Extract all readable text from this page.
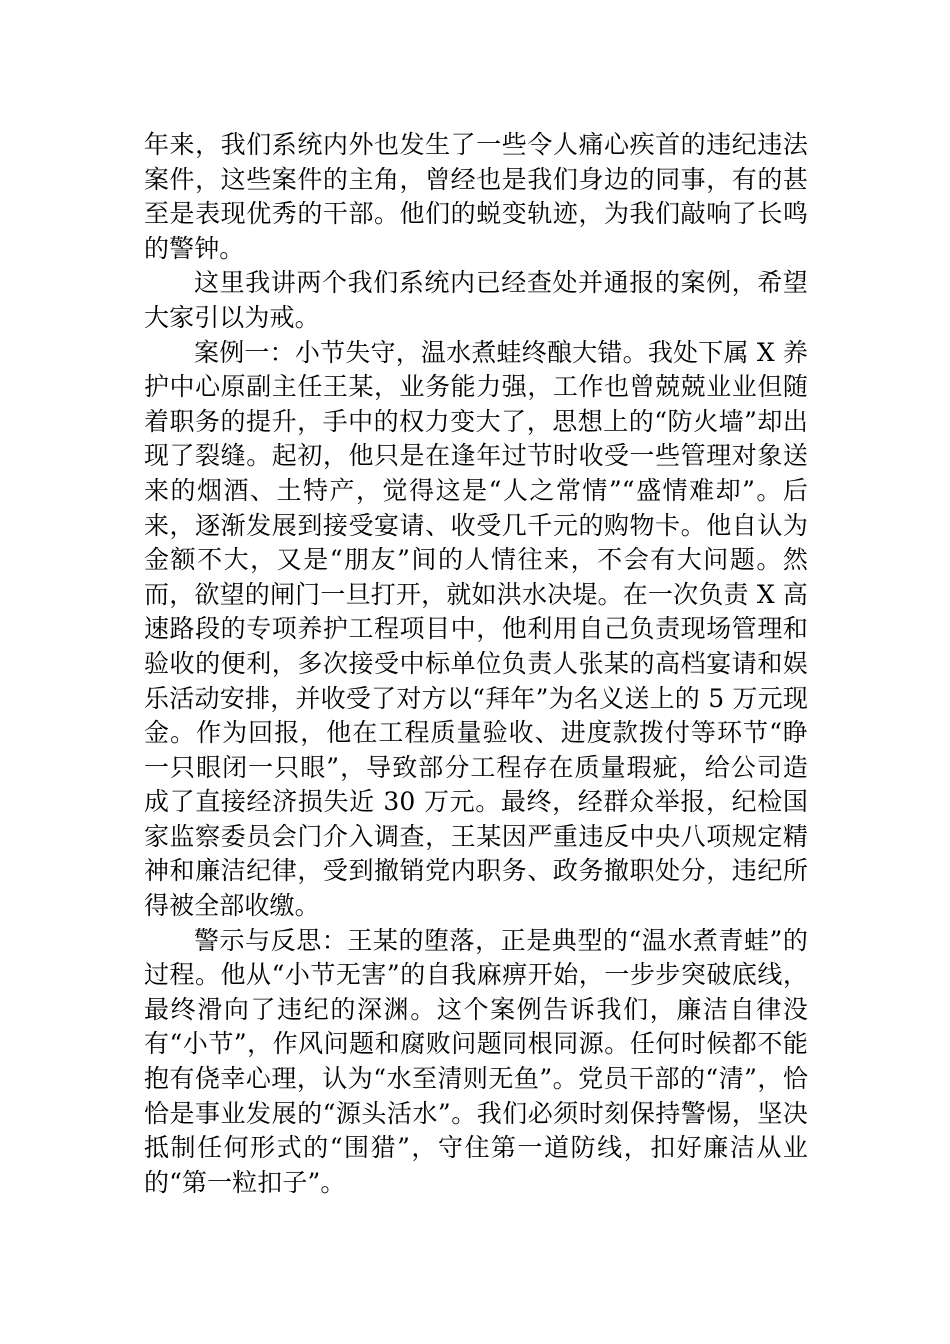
年来，我们系统内外也发生了一些令人痛心疾首的违纪违法案件，这些案件的主角，曾经也是我们身边的同事，有的甚至是表现优秀的干部。他们的蜕变轨迹，为我们敲响了长鸣的警钟。

这里我讲两个我们系统内已经查处并通报的案例，希望大家引以为戒。

案例一：小节失守，温水煮蛙终酿大错。我处下属 X 养护中心原副主任王某，业务能力强，工作也曾兢兢业业但随着职务的提升，手中的权力变大了，思想上的“防火墙”却出现了裂缝。起初，他只是在逢年过节时收受一些管理对象送来的烟酒、土特产，觉得这是“人之常情”“盛情难却”。后来，逐渐发展到接受宴请、收受几千元的购物卡。他自认为金额不大，又是“朋友”间的人情往来，不会有大问题。然而，欲望的闸门一旦打开，就如洪水决堤。在一次负责 X 高速路段的专项养护工程项目中，他利用自己负责现场管理和验收的便利，多次接受中标单位负责人张某的高档宴请和娱乐活动安排，并收受了对方以“拜年”为名义送上的 5 万元现金。作为回报，他在工程质量验收、进度款拨付等环节“睁一只眼闭一只眼”，导致部分工程存在质量瑕疵，给公司造成了直接经济损失近 30 万元。最终，经群众举报，纪检国家监察委员会门介入调查，王某因严重违反中央八项规定精神和廉洁纪律，受到撤销党内职务、政务撤职处分，违纪所得被全部收缴。

警示与反思：王某的堕落，正是典型的“温水煮青蛙”的过程。他从“小节无害”的自我麻痹开始，一步步突破底线，最终滑向了违纪的深渊。这个案例告诉我们，廉洁自律没有“小节”，作风问题和腐败问题同根同源。任何时候都不能抱有侥幸心理，认为“水至清则无鱼”。党员干部的“清”，恰恰是事业发展的“源头活水”。我们必须时刻保持警惕，坚决抵制任何形式的“围猎”，守住第一道防线，扣好廉洁从业的“第一粒扣子”。
